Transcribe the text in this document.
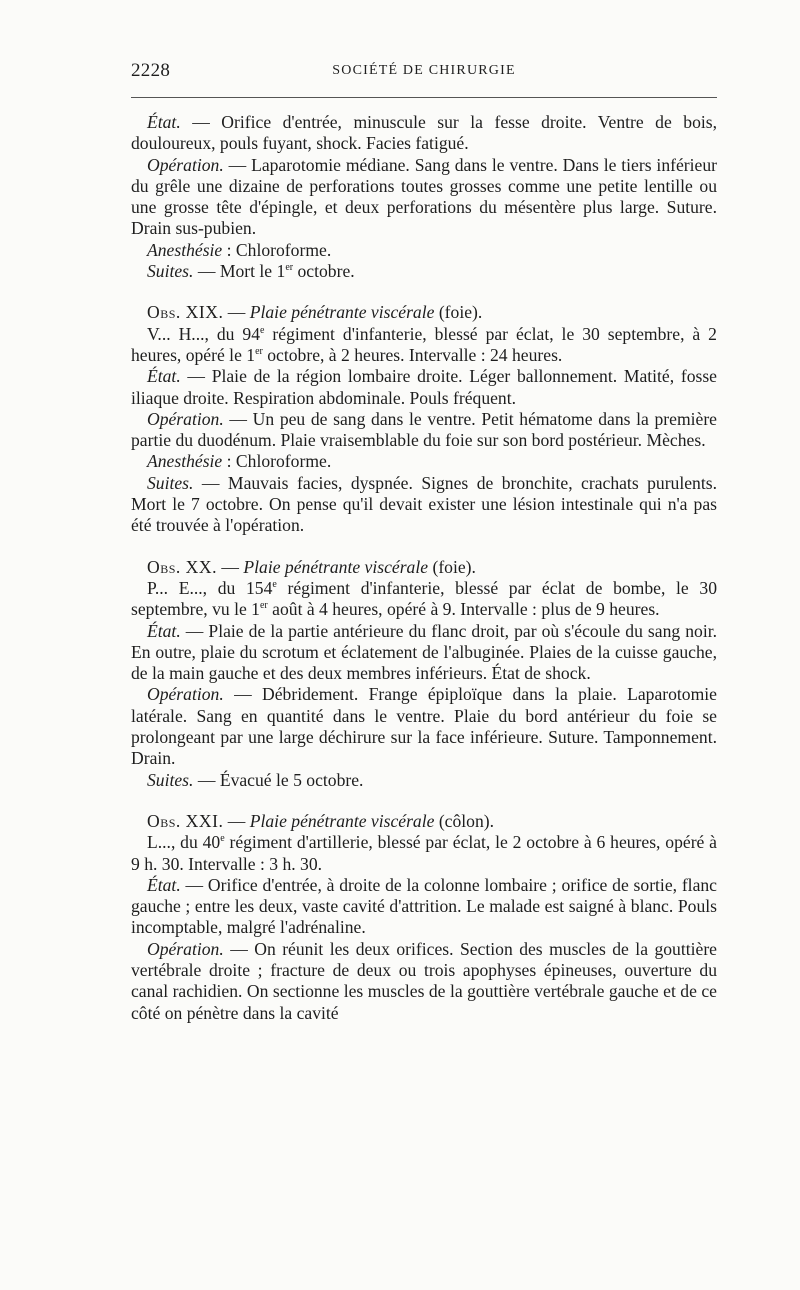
2228	SOCIÉTÉ DE CHIRURGIE

État. — Orifice d'entrée, minuscule sur la fesse droite. Ventre de bois, douloureux, pouls fuyant, shock. Facies fatigué.

Opération. — Laparotomie médiane. Sang dans le ventre. Dans le tiers inférieur du grêle une dizaine de perforations toutes grosses comme une petite lentille ou une grosse tête d'épingle, et deux perforations du mésentère plus large. Suture. Drain sus-pubien.

Anesthésie : Chloroforme.

Suites. — Mort le 1er octobre.

Obs. XIX. — Plaie pénétrante viscérale (foie).

V... H..., du 94e régiment d'infanterie, blessé par éclat, le 30 septembre, à 2 heures, opéré le 1er octobre, à 2 heures. Intervalle : 24 heures.

État. — Plaie de la région lombaire droite. Léger ballonnement. Matité, fosse iliaque droite. Respiration abdominale. Pouls fréquent.

Opération. — Un peu de sang dans le ventre. Petit hématome dans la première partie du duodénum. Plaie vraisemblable du foie sur son bord postérieur. Mèches.

Anesthésie : Chloroforme.

Suites. — Mauvais facies, dyspnée. Signes de bronchite, crachats purulents. Mort le 7 octobre. On pense qu'il devait exister une lésion intestinale qui n'a pas été trouvée à l'opération.

Obs. XX. — Plaie pénétrante viscérale (foie).

P... E..., du 154e régiment d'infanterie, blessé par éclat de bombe, le 30 septembre, vu le 1er août à 4 heures, opéré à 9. Intervalle : plus de 9 heures.

État. — Plaie de la partie antérieure du flanc droit, par où s'écoule du sang noir. En outre, plaie du scrotum et éclatement de l'albuginée. Plaies de la cuisse gauche, de la main gauche et des deux membres inférieurs. État de shock.

Opération. — Débridement. Frange épiploïque dans la plaie. Laparotomie latérale. Sang en quantité dans le ventre. Plaie du bord antérieur du foie se prolongeant par une large déchirure sur la face inférieure. Suture. Tamponnement. Drain.

Suites. — Évacué le 5 octobre.

Obs. XXI. — Plaie pénétrante viscérale (côlon).

L..., du 40e régiment d'artillerie, blessé par éclat, le 2 octobre à 6 heures, opéré à 9 h. 30. Intervalle : 3 h. 30.

État. — Orifice d'entrée, à droite de la colonne lombaire ; orifice de sortie, flanc gauche ; entre les deux, vaste cavité d'attrition. Le malade est saigné à blanc. Pouls incomptable, malgré l'adrénaline.

Opération. — On réunit les deux orifices. Section des muscles de la gouttière vertébrale droite ; fracture de deux ou trois apophyses épineuses, ouverture du canal rachidien. On sectionne les muscles de la gouttière vertébrale gauche et de ce côté on pénètre dans la cavité
